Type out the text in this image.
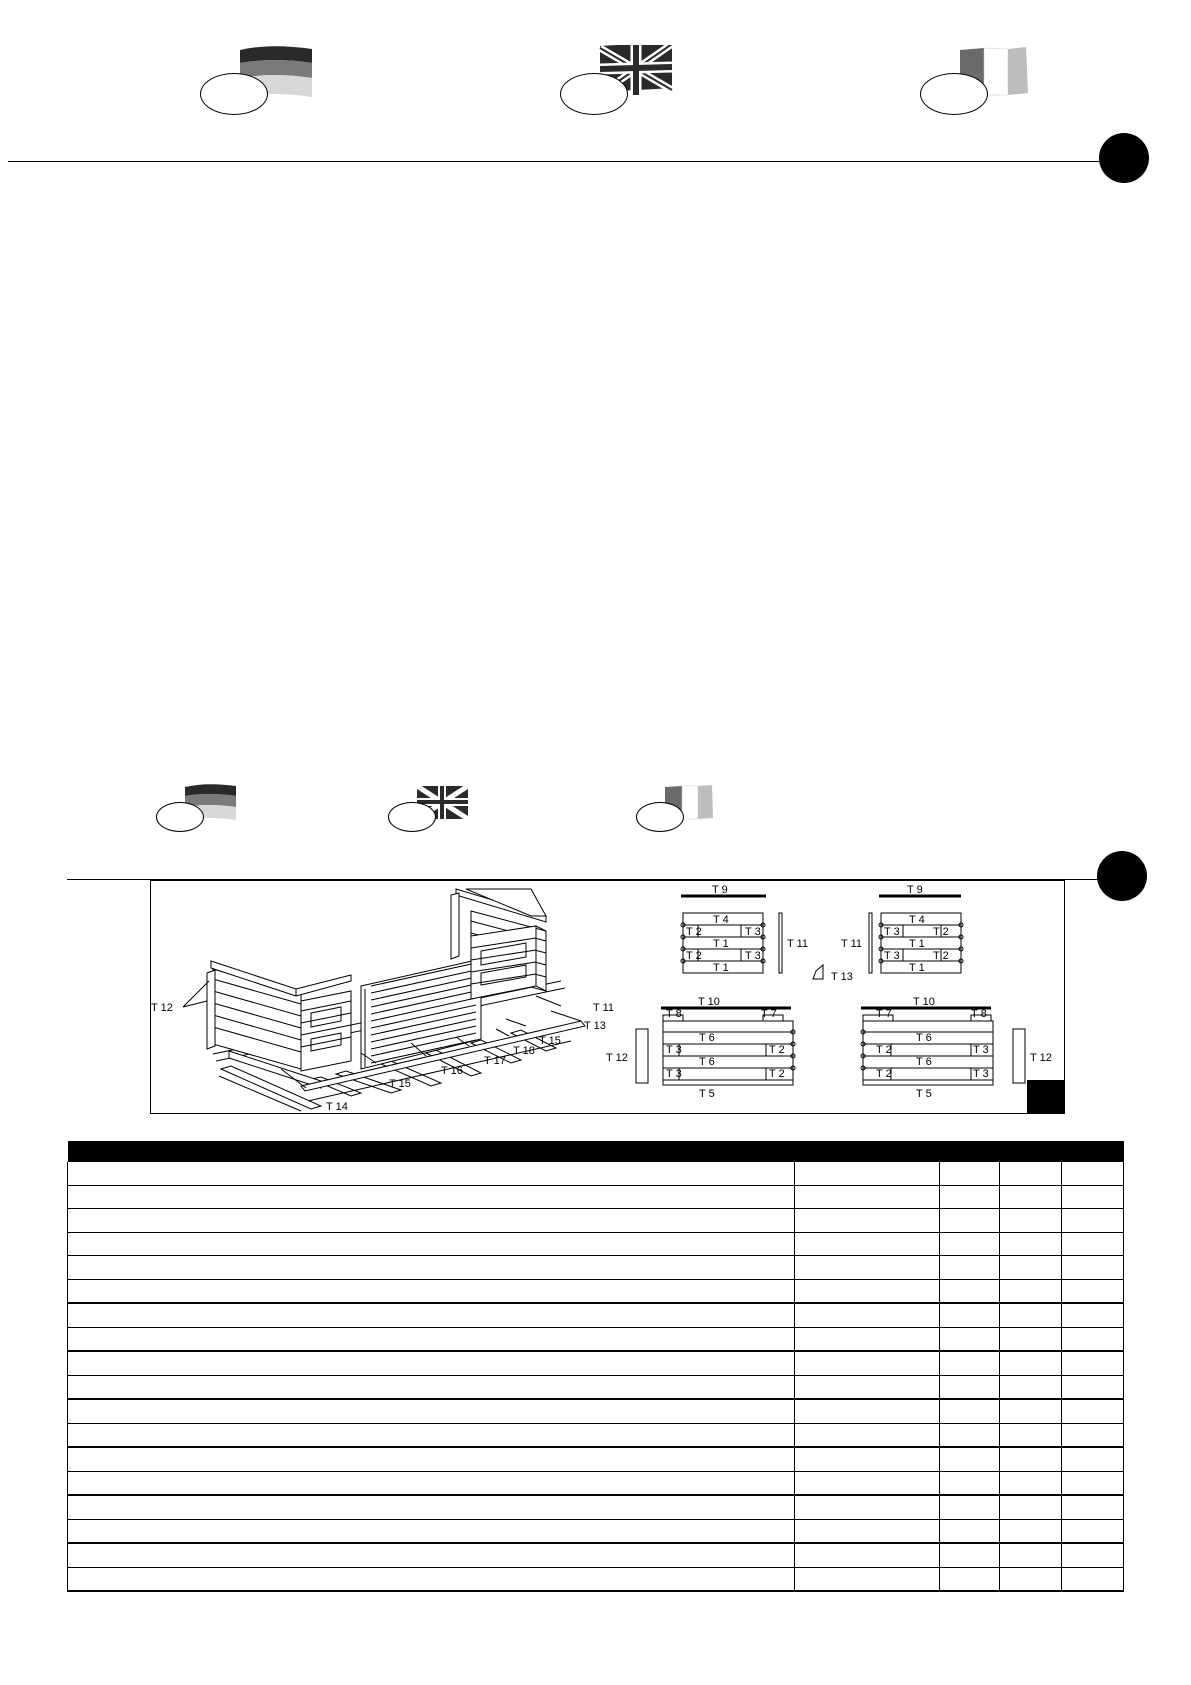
T 12	T 11
T 13
T 15
T 18
T 17
T 16
T 15
T 14
T 9
T 4
T 2	T 3
T 1
T 2	T 3
T 1
T 11
T 9
T 4
T 3	T 2
T 1
T 3	T 2
T 1
T 11
T 13
T 10
T 8	T 7
T 6
T 3	T 2
T 6
T 3	T 2
T 5
T 12
T 10
T 7	T 8
T 6
T 2	T 3
T 6
T 2	T 3
T 5
T 12
